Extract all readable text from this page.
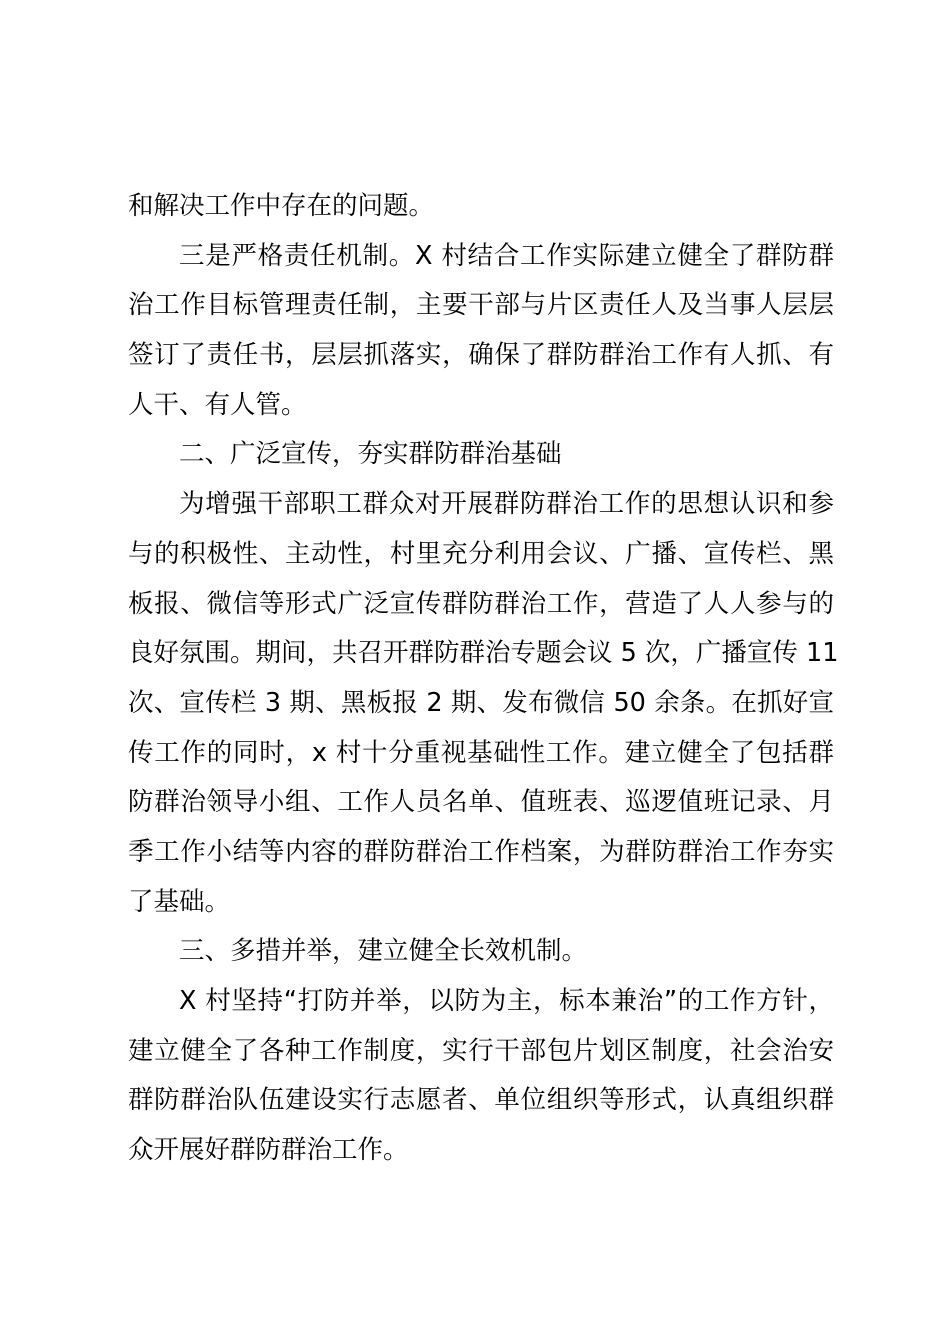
和解决工作中存在的问题。
三是严格责任机制。X 村结合工作实际建立健全了群防群
治工作目标管理责任制，主要干部与片区责任人及当事人层层
签订了责任书，层层抓落实，确保了群防群治工作有人抓、有
人干、有人管。
二、广泛宣传，夯实群防群治基础
为增强干部职工群众对开展群防群治工作的思想认识和参
与的积极性、主动性，村里充分利用会议、广播、宣传栏、黑
板报、微信等形式广泛宣传群防群治工作，营造了人人参与的
良好氛围。期间，共召开群防群治专题会议 5 次，广播宣传 11
次、宣传栏 3 期、黑板报 2 期、发布微信 50 余条。在抓好宣
传工作的同时，x 村十分重视基础性工作。建立健全了包括群
防群治领导小组、工作人员名单、值班表、巡逻值班记录、月
季工作小结等内容的群防群治工作档案，为群防群治工作夯实
了基础。
三、多措并举，建立健全长效机制。
X 村坚持“打防并举，以防为主，标本兼治”的工作方针，
建立健全了各种工作制度，实行干部包片划区制度，社会治安
群防群治队伍建设实行志愿者、单位组织等形式，认真组织群
众开展好群防群治工作。
